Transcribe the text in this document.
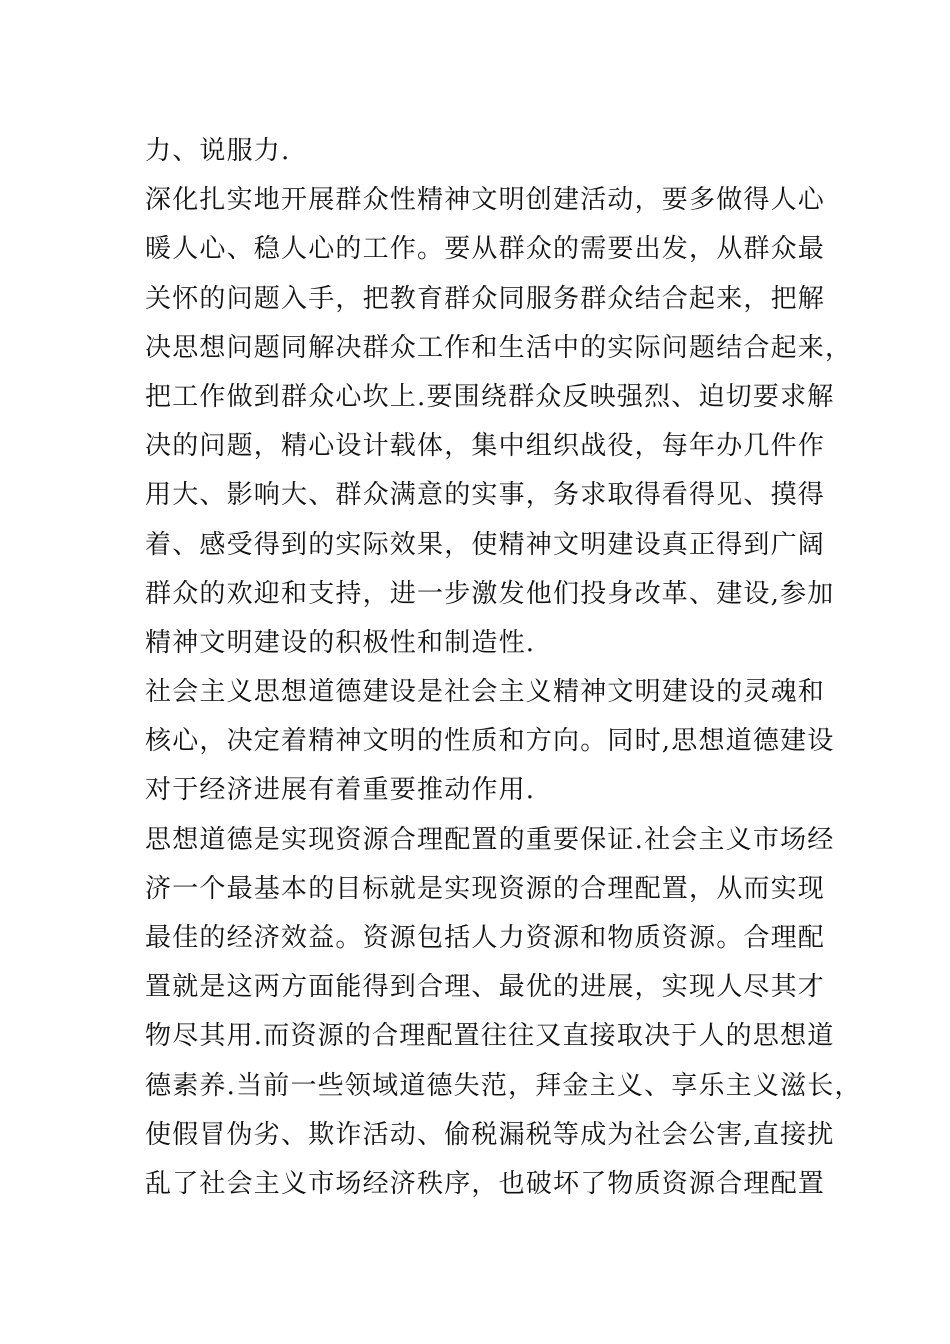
力、说服力.
深化扎实地开展群众性精神文明创建活动，要多做得人心
暖人心、稳人心的工作。要从群众的需要出发，从群众最
关怀的问题入手，把教育群众同服务群众结合起来，把解
决思想问题同解决群众工作和生活中的实际问题结合起来，
把工作做到群众心坎上.要围绕群众反映强烈、迫切要求解
决的问题，精心设计载体，集中组织战役，每年办几件作
用大、影响大、群众满意的实事，务求取得看得见、摸得
着、感受得到的实际效果，使精神文明建设真正得到广阔
群众的欢迎和支持，进一步激发他们投身改革、建设,参加
精神文明建设的积极性和制造性.
社会主义思想道德建设是社会主义精神文明建设的灵魂和
核心，决定着精神文明的性质和方向。同时,思想道德建设
对于经济进展有着重要推动作用.
思想道德是实现资源合理配置的重要保证.社会主义市场经
济一个最基本的目标就是实现资源的合理配置，从而实现
最佳的经济效益。资源包括人力资源和物质资源。合理配
置就是这两方面能得到合理、最优的进展，实现人尽其才
物尽其用.而资源的合理配置往往又直接取决于人的思想道
德素养.当前一些领域道德失范，拜金主义、享乐主义滋长，
使假冒伪劣、欺诈活动、偷税漏税等成为社会公害,直接扰
乱了社会主义市场经济秩序，也破坏了物质资源合理配置
